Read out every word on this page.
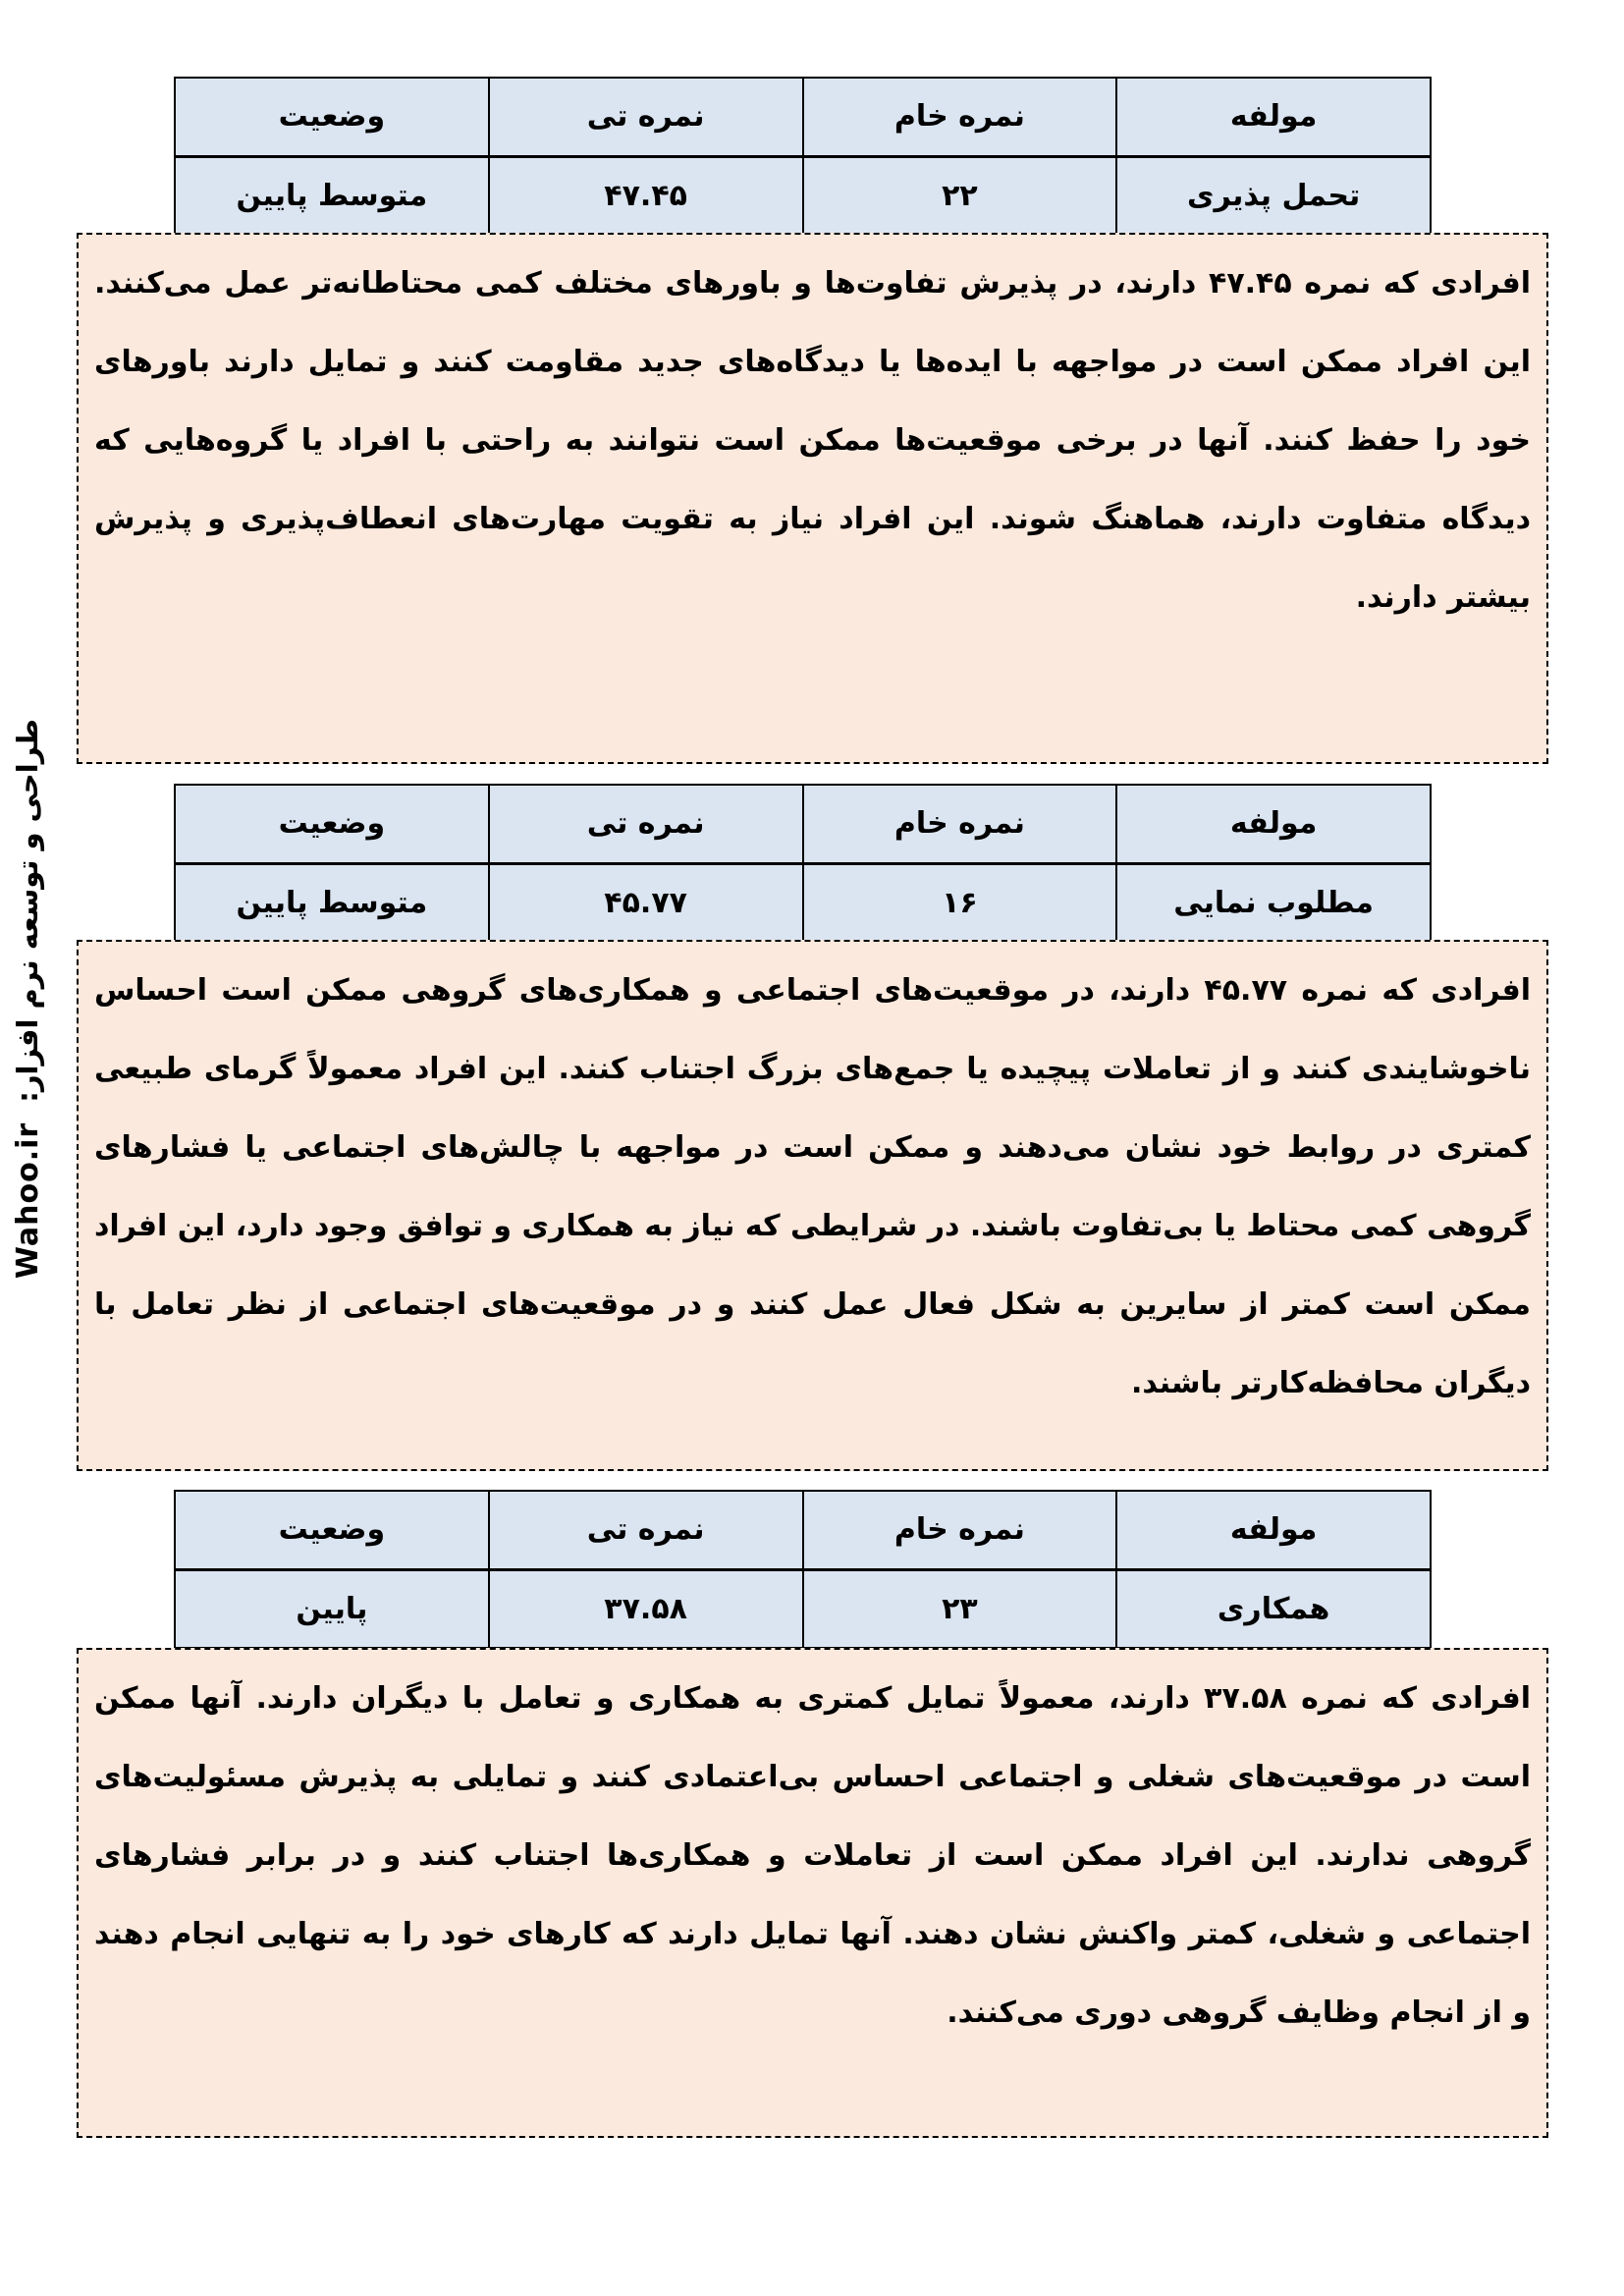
طراحی و توسعه نرم افزار:
Wahoo.ir
مولفه	نمره خام	نمره تی	وضعیت
تحمل پذیری	۲۲	۴۷.۴۵	متوسط پایین

افرادی که نمره ۴۷.۴۵ دارند، در پذیرش تفاوت‌ها و باورهای مختلف کمی محتاطانه‌تر عمل می‌کنند. این افراد ممکن است در مواجهه با ایده‌ها یا دیدگاه‌های جدید مقاومت کنند و تمایل دارند باورهای خود را حفظ کنند. آنها در برخی موقعیت‌ها ممکن است نتوانند به راحتی با افراد یا گروه‌هایی که دیدگاه متفاوت دارند، هماهنگ شوند. این افراد نیاز به تقویت مهارت‌های انعطاف‌پذیری و پذیرش بیشتر دارند.

مولفه	نمره خام	نمره تی	وضعیت
مطلوب نمایی	۱۶	۴۵.۷۷	متوسط پایین

افرادی که نمره ۴۵.۷۷ دارند، در موقعیت‌های اجتماعی و همکاری‌های گروهی ممکن است احساس ناخوشایندی کنند و از تعاملات پیچیده یا جمع‌های بزرگ اجتناب کنند. این افراد معمولاً گرمای طبیعی کمتری در روابط خود نشان می‌دهند و ممکن است در مواجهه با چالش‌های اجتماعی یا فشارهای گروهی کمی محتاط یا بی‌تفاوت باشند. در شرایطی که نیاز به همکاری و توافق وجود دارد، این افراد ممکن است کمتر از سایرین به شکل فعال عمل کنند و در موقعیت‌های اجتماعی از نظر تعامل با دیگران محافظه‌کارتر باشند.

مولفه	نمره خام	نمره تی	وضعیت
همکاری	۲۳	۳۷.۵۸	پایین

افرادی که نمره ۳۷.۵۸ دارند، معمولاً تمایل کمتری به همکاری و تعامل با دیگران دارند. آنها ممکن است در موقعیت‌های شغلی و اجتماعی احساس بی‌اعتمادی کنند و تمایلی به پذیرش مسئولیت‌های گروهی ندارند. این افراد ممکن است از تعاملات و همکاری‌ها اجتناب کنند و در برابر فشارهای اجتماعی و شغلی، کمتر واکنش نشان دهند. آنها تمایل دارند که کارهای خود را به تنهایی انجام دهند و از انجام وظایف گروهی دوری می‌کنند.
